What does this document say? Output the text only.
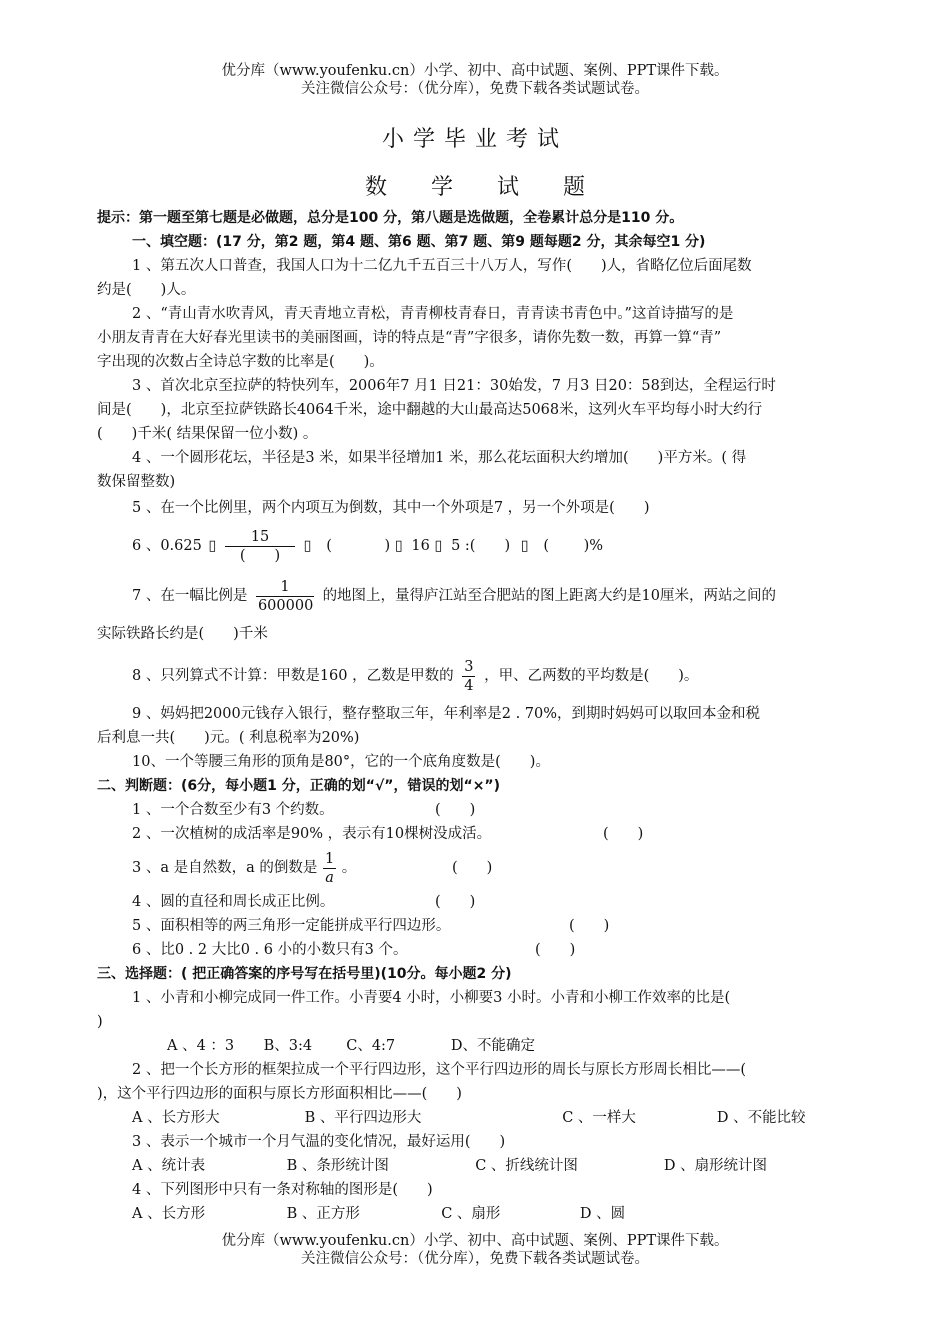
优分库（www.youfenku.cn）小学、初中、高中试题、案例、PPT课件下载。
关注微信公众号：（优分库），免费下载各类试题试卷。
小学毕业考试
数学试题
提示：第一题至第七题是必做题，总分是100 分，第八题是选做题，全卷累计总分是110 分。
一、填空题：(17 分，第2 题，第4 题、第6 题、第7 题、第9 题每题2 分，其余每空1 分)
1 、第五次人口普查，我国人口为十二亿九千五百三十八万人，写作(　　)人，省略亿位后面尾数
约是(　　)人。
2 、“青山青水吹青风，青天青地立青松，青青柳枝青春日，青青读书青色中。”这首诗描写的是
小朋友青青在大好春光里读书的美丽图画，诗的特点是“青”字很多，请你先数一数，再算一算“青”
字出现的次数占全诗总字数的比率是(　　)。
3 、首次北京至拉萨的特快列车，2006年7 月1 日21：30始发，7 月3 日20：58到达，全程运行时
间是(　　)，北京至拉萨铁路长4064千米，途中翻越的大山最高达5068米，这列火车平均每小时大约行
(　　)千米( 结果保留一位小数) 。
4 、一个圆形花坛，半径是3 米，如果半径增加1 米，那么花坛面积大约增加(　　)平方米。( 得
数保留整数)
5 、在一个比例里，两个内项互为倒数，其中一个外项是7 ，另一个外项是(　　)
6 、0.625 ▯ $\frac{15}{( )}$ ▯ (	) ▯ 16 ▯ 5 :(　　) ▯ ( )%
7 、在一幅比例是 $\frac{1}{600000}$ 的地图上，量得庐江站至合肥站的图上距离大约是10厘米，两站之间的
实际铁路长约是(　　)千米
8 、只列算式不计算：甲数是160 ，乙数是甲数的 $\frac{3}{4}$ ，甲、乙两数的平均数是(　　)。
9 、妈妈把2000元钱存入银行，整存整取三年，年利率是2 . 70%，到期时妈妈可以取回本金和税
后利息一共(　　)元。( 利息税率为20%)
10、一个等腰三角形的顶角是80°，它的一个底角度数是(　　)。
二、判断题：(6分，每小题1 分，正确的划“√”，错误的划“×”)
1 、一个合数至少有3 个约数。	(　　)
2 、一次植树的成活率是90% ，表示有10棵树没成活。	(　　)
3 、a 是自然数，a 的倒数是 $\frac{1}{a}$ 。	(　　)
4 、圆的直径和周长成正比例。	(　　)
5 、面积相等的两三角形一定能拼成平行四边形。	(　　)
6 、比0 . 2 大比0 . 6 小的小数只有3 个。	(　　)
三、选择题：( 把正确答案的序号写在括号里)(10分。每小题2 分)
1 、小青和小柳完成同一件工作。小青要4 小时，小柳要3 小时。小青和小柳工作效率的比是(
)
A 、4 ：3 B、3:4 C、4:7	D、不能确定
2 、把一个长方形的框架拉成一个平行四边形，这个平行四边形的周长与原长方形周长相比——(
)，这个平行四边形的面积与原长方形面积相比——(　　)
A 、长方形大	B 、平行四边形大	C 、一样大	D 、不能比较
3 、表示一个城市一个月气温的变化情况，最好运用(　　)
A 、统计表	B 、条形统计图	C 、折线统计图	D 、扇形统计图
4 、下列图形中只有一条对称轴的图形是(　　)
A 、长方形	B 、正方形	C 、扇形	D 、圆
优分库（www.youfenku.cn）小学、初中、高中试题、案例、PPT课件下载。
关注微信公众号：（优分库），免费下载各类试题试卷。
